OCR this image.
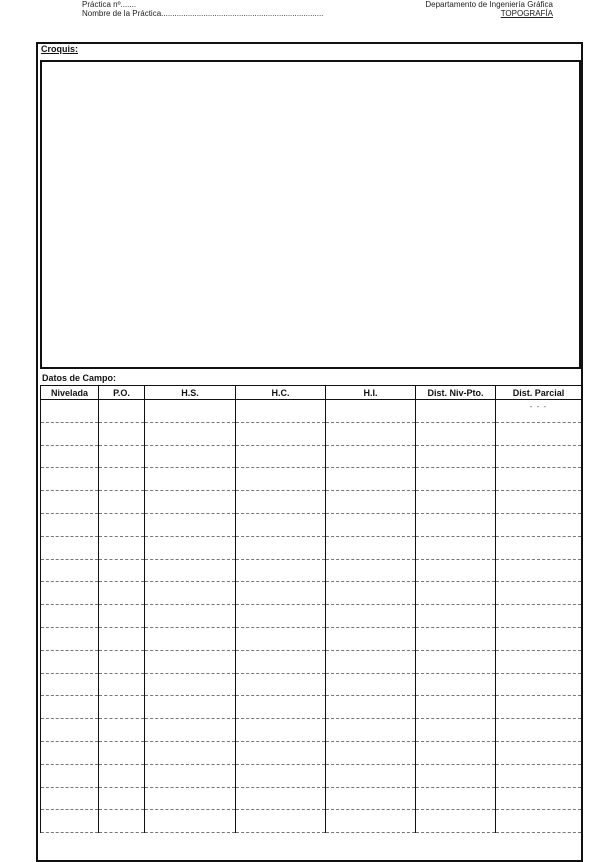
Práctica nº.......
Nombre de la Práctica.........................................................................
Departamento de Ingeniería Gráfica
TOPOGRAFÍA
Croquis:
Datos de Campo:
Nivelada	P.O.	H.S.	H.C.	H.I.	Dist. Niv-Pto.	Dist. Parcial
						- - -
